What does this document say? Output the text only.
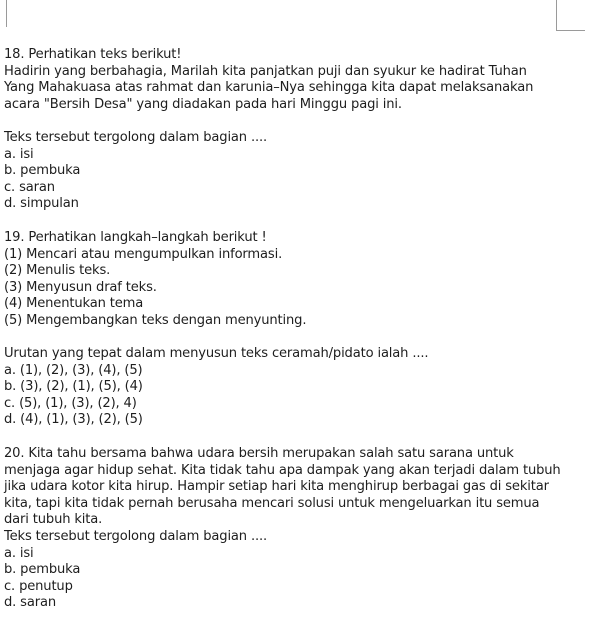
18. Perhatikan teks berikut!
Hadirin yang berbahagia, Marilah kita panjatkan puji dan syukur ke hadirat Tuhan
Yang Mahakuasa atas rahmat dan karunia–Nya sehingga kita dapat melaksanakan
acara "Bersih Desa" yang diadakan pada hari Minggu pagi ini.
Teks tersebut tergolong dalam bagian ....
a. isi
b. pembuka
c. saran
d. simpulan
19. Perhatikan langkah–langkah berikut !
(1) Mencari atau mengumpulkan informasi.
(2) Menulis teks.
(3) Menyusun draf teks.
(4) Menentukan tema
(5) Mengembangkan teks dengan menyunting.
Urutan yang tepat dalam menyusun teks ceramah/pidato ialah ....
a. (1), (2), (3), (4), (5)
b. (3), (2), (1), (5), (4)
c. (5), (1), (3), (2), 4)
d. (4), (1), (3), (2), (5)
20. Kita tahu bersama bahwa udara bersih merupakan salah satu sarana untuk
menjaga agar hidup sehat. Kita tidak tahu apa dampak yang akan terjadi dalam tubuh
jika udara kotor kita hirup. Hampir setiap hari kita menghirup berbagai gas di sekitar
kita, tapi kita tidak pernah berusaha mencari solusi untuk mengeluarkan itu semua
dari tubuh kita.
Teks tersebut tergolong dalam bagian ....
a. isi
b. pembuka
c. penutup
d. saran
